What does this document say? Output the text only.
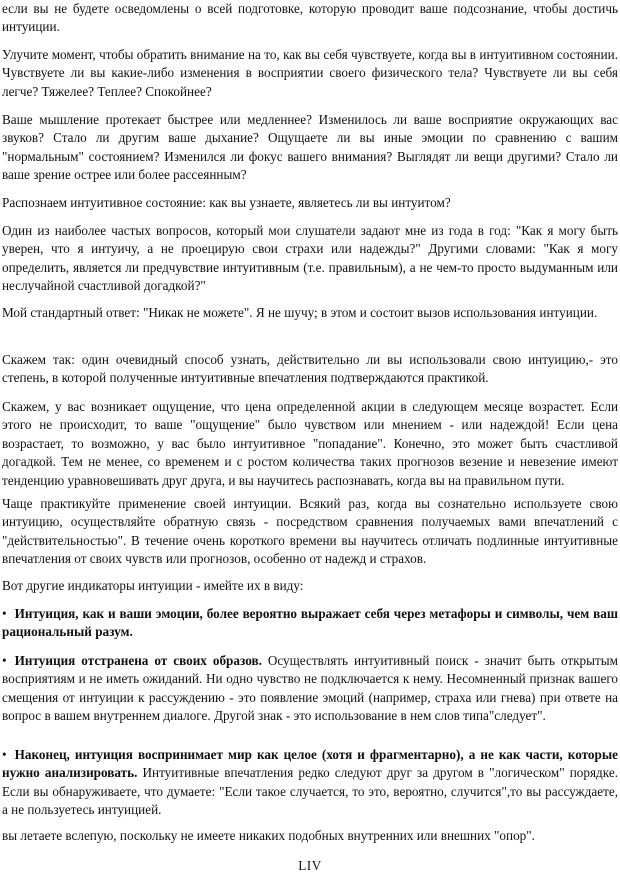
если вы не будете осведомлены о всей подготовке, которую проводит ваше подсознание, чтобы достичь интуиции.

Улучите момент, чтобы обратить внимание на то, как вы себя чувствуете, когда вы в интуитивном состоянии. Чувствуете ли вы какие-либо изменения в восприятии своего физического тела? Чувствуете ли вы себя легче? Тяжелее? Теплее? Спокойнее?

Ваше мышление протекает быстрее или медленнее? Изменилось ли ваше восприятие окружающих вас звуков? Стало ли другим ваше дыхание? Ощущаете ли вы иные эмоции по сравнению с вашим "нормальным" состоянием? Изменился ли фокус вашего внимания? Выглядят ли вещи другими? Стало ли ваше зрение острее или более рассеянным?

Распознаем интуитивное состояние: как вы узнаете, являетесь ли вы интуитом?

Один из наиболее частых вопросов, который мои слушатели задают мне из года в год: "Как я могу быть уверен, что я интуичу, а не проецирую свои страхи или надежды?" Другими словами: "Как я могу определить, является ли предчувствие интуитивным (т.е. правильным), а не чем-то просто выдуманным или неслучайной счастливой догадкой?"

Мой стандартный ответ: "Никак не можете". Я не шучу; в этом и состоит вызов использования интуиции.

Скажем так: один очевидный способ узнать, действительно ли вы использовали свою интуицию,- это степень, в которой полученные интуитивные впечатления подтверждаются практикой.

Скажем, у вас возникает ощущение, что цена определенной акции в следующем месяце возрастет. Если этого не происходит, то ваше "ощущение" было чувством или мнением - или надеждой! Если цена возрастает, то возможно, у вас было интуитивное "попадание". Конечно, это может быть счастливой догадкой. Тем не менее, со временем и с ростом количества таких прогнозов везение и невезение имеют тенденцию уравновешивать друг друга, и вы научитесь распознавать, когда вы на правильном пути.

Чаще практикуйте применение своей интуиции. Всякий раз, когда вы сознательно используете свою интуицию, осуществляйте обратную связь - посредством сравнения получаемых вами впечатлений с "действительностью". В течение очень короткого времени вы научитесь отличать подлинные интуитивные впечатления от своих чувств или прогнозов, особенно от надежд и страхов.

Вот другие индикаторы интуиции - имейте их в виду:

• Интуиция, как и ваши эмоции, более вероятно выражает себя через метафоры и символы, чем ваш рациональный разум.

• Интуиция отстранена от своих образов. Осуществлять интуитивный поиск - значит быть открытым восприятиям и не иметь ожиданий. Ни одно чувство не подключается к нему. Несомненный признак вашего смещения от интуиции к рассуждению - это появление эмоций (например, страха или гнева) при ответе на вопрос в вашем внутреннем диалоге. Другой знак - это использование в нем слов типа"следует".

• Наконец, интуиция воспринимает мир как целое (хотя и фрагментарно), а не как части, которые нужно анализировать. Интуитивные впечатления редко следуют друг за другом в "логическом" порядке. Если вы обнаруживаете, что думаете: "Если такое случается, то это, вероятно, случится",то вы рассуждаете, а не пользуетесь интуицией.

вы летаете вслепую, поскольку не имеете никаких подобных внутренних или внешних "опор".

LIV
